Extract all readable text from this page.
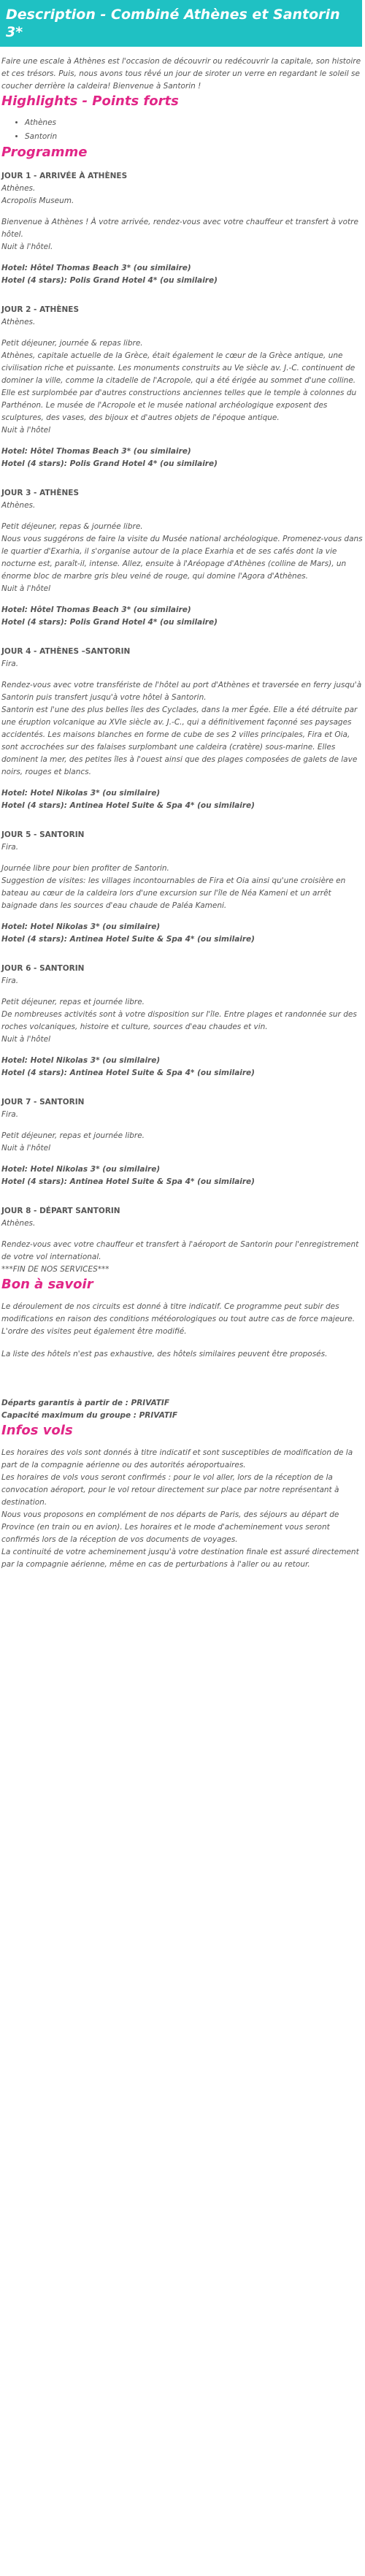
Description - Combiné Athènes et Santorin 3*

Faire une escale à Athènes est l'occasion de découvrir ou redécouvrir la capitale, son histoire et ces trésors. Puis, nous avons tous rêvé un jour de siroter un verre en regardant le soleil se coucher derrière la caldeira! Bienvenue à Santorin !

Highlights - Points forts
• Athènes
• Santorin
Programme

JOUR 1 - ARRIVÉE À ATHÈNES

Athènes.

Acropolis Museum.

Bienvenue à Athènes ! À votre arrivée, rendez-vous avec votre chauffeur et transfert à votre hôtel.

Nuit à l'hôtel.

Hotel: Hôtel Thomas Beach 3* (ou similaire)

Hotel (4 stars): Polis Grand Hotel 4* (ou similaire)

JOUR 2 - ATHÈNES

Athènes.

Petit déjeuner, journée & repas libre.

Athènes, capitale actuelle de la Grèce, était également le cœur de la Grèce antique, une civilisation riche et puissante. Les monuments construits au Ve siècle av. J.-C. continuent de dominer la ville, comme la citadelle de l'Acropole, qui a été érigée au sommet d'une colline. Elle est surplombée par d'autres constructions anciennes telles que le temple à colonnes du Parthénon. Le musée de l'Acropole et le musée national archéologique exposent des sculptures, des vases, des bijoux et d'autres objets de l'époque antique.

Nuit à l'hôtel

Hotel: Hôtel Thomas Beach 3* (ou similaire)

Hotel (4 stars): Polis Grand Hotel 4* (ou similaire)

JOUR 3 - ATHÈNES

Athènes.

Petit déjeuner, repas & journée libre.

Nous vous suggérons de faire la visite du Musée national archéologique. Promenez-vous dans le quartier d'Exarhia, il s'organise autour de la place Exarhia et de ses cafés dont la vie nocturne est, paraît-il, intense. Allez, ensuite à l'Aréopage d'Athènes (colline de Mars), un énorme bloc de marbre gris bleu veiné de rouge, qui domine l'Agora d'Athènes.

Nuit à l'hôtel

Hotel: Hôtel Thomas Beach 3* (ou similaire)

Hotel (4 stars): Polis Grand Hotel 4* (ou similaire)

JOUR 4 - ATHÈNES –SANTORIN

Fira.

Rendez-vous avec votre transfériste de l'hôtel au port d'Athènes et traversée en ferry jusqu'à Santorin puis transfert jusqu'à votre hôtel à Santorin.

Santorin est l'une des plus belles îles des Cyclades, dans la mer Égée. Elle a été détruite par une éruption volcanique au XVIe siècle av. J.-C., qui a définitivement façonné ses paysages accidentés. Les maisons blanches en forme de cube de ses 2 villes principales, Fira et Oia, sont accrochées sur des falaises surplombant une caldeira (cratère) sous-marine. Elles dominent la mer, des petites îles à l'ouest ainsi que des plages composées de galets de lave noirs, rouges et blancs.

Hotel: Hotel Nikolas 3* (ou similaire)

Hotel (4 stars): Antinea Hotel Suite & Spa 4* (ou similaire)

JOUR 5 - SANTORIN

Fira.

Journée libre pour bien profiter de Santorin.

Suggestion de visites: les villages incontournables de Fira et Oia ainsi qu'une croisière en bateau au cœur de la caldeira lors d'une excursion sur l'île de Néa Kameni et un arrêt baignade dans les sources d'eau chaude de Paléa Kameni.

Hotel: Hotel Nikolas 3* (ou similaire)

Hotel (4 stars): Antinea Hotel Suite & Spa 4* (ou similaire)

JOUR 6 - SANTORIN

Fira.

Petit déjeuner, repas et journée libre.

De nombreuses activités sont à votre disposition sur l'île. Entre plages et randonnée sur des roches volcaniques, histoire et culture, sources d'eau chaudes et vin.

Nuit à l'hôtel

Hotel: Hotel Nikolas 3* (ou similaire)

Hotel (4 stars): Antinea Hotel Suite & Spa 4* (ou similaire)

JOUR 7 - SANTORIN

Fira.

Petit déjeuner, repas et journée libre.

Nuit à l'hôtel

Hotel: Hotel Nikolas 3* (ou similaire)

Hotel (4 stars): Antinea Hotel Suite & Spa 4* (ou similaire)

JOUR 8 - DÉPART SANTORIN

Athènes.

Rendez-vous avec votre chauffeur et transfert à l'aéroport de Santorin pour l'enregistrement de votre vol international.

***FIN DE NOS SERVICES***

Bon à savoir

Le déroulement de nos circuits est donné à titre indicatif. Ce programme peut subir des modifications en raison des conditions météorologiques ou tout autre cas de force majeure. L'ordre des visites peut également être modifié.

La liste des hôtels n'est pas exhaustive, des hôtels similaires peuvent être proposés.

Départs garantis à partir de : PRIVATIF

Capacité maximum du groupe : PRIVATIF

Infos vols

Les horaires des vols sont donnés à titre indicatif et sont susceptibles de modification de la part de la compagnie aérienne ou des autorités aéroportuaires.

Les horaires de vols vous seront confirmés : pour le vol aller, lors de la réception de la convocation aéroport, pour le vol retour directement sur place par notre représentant à destination.

Nous vous proposons en complément de nos départs de Paris, des séjours au départ de Province (en train ou en avion). Les horaires et le mode d'acheminement vous seront confirmés lors de la réception de vos documents de voyages.

La continuité de votre acheminement jusqu'à votre destination finale est assuré directement par la compagnie aérienne, même en cas de perturbations à l'aller ou au retour.
